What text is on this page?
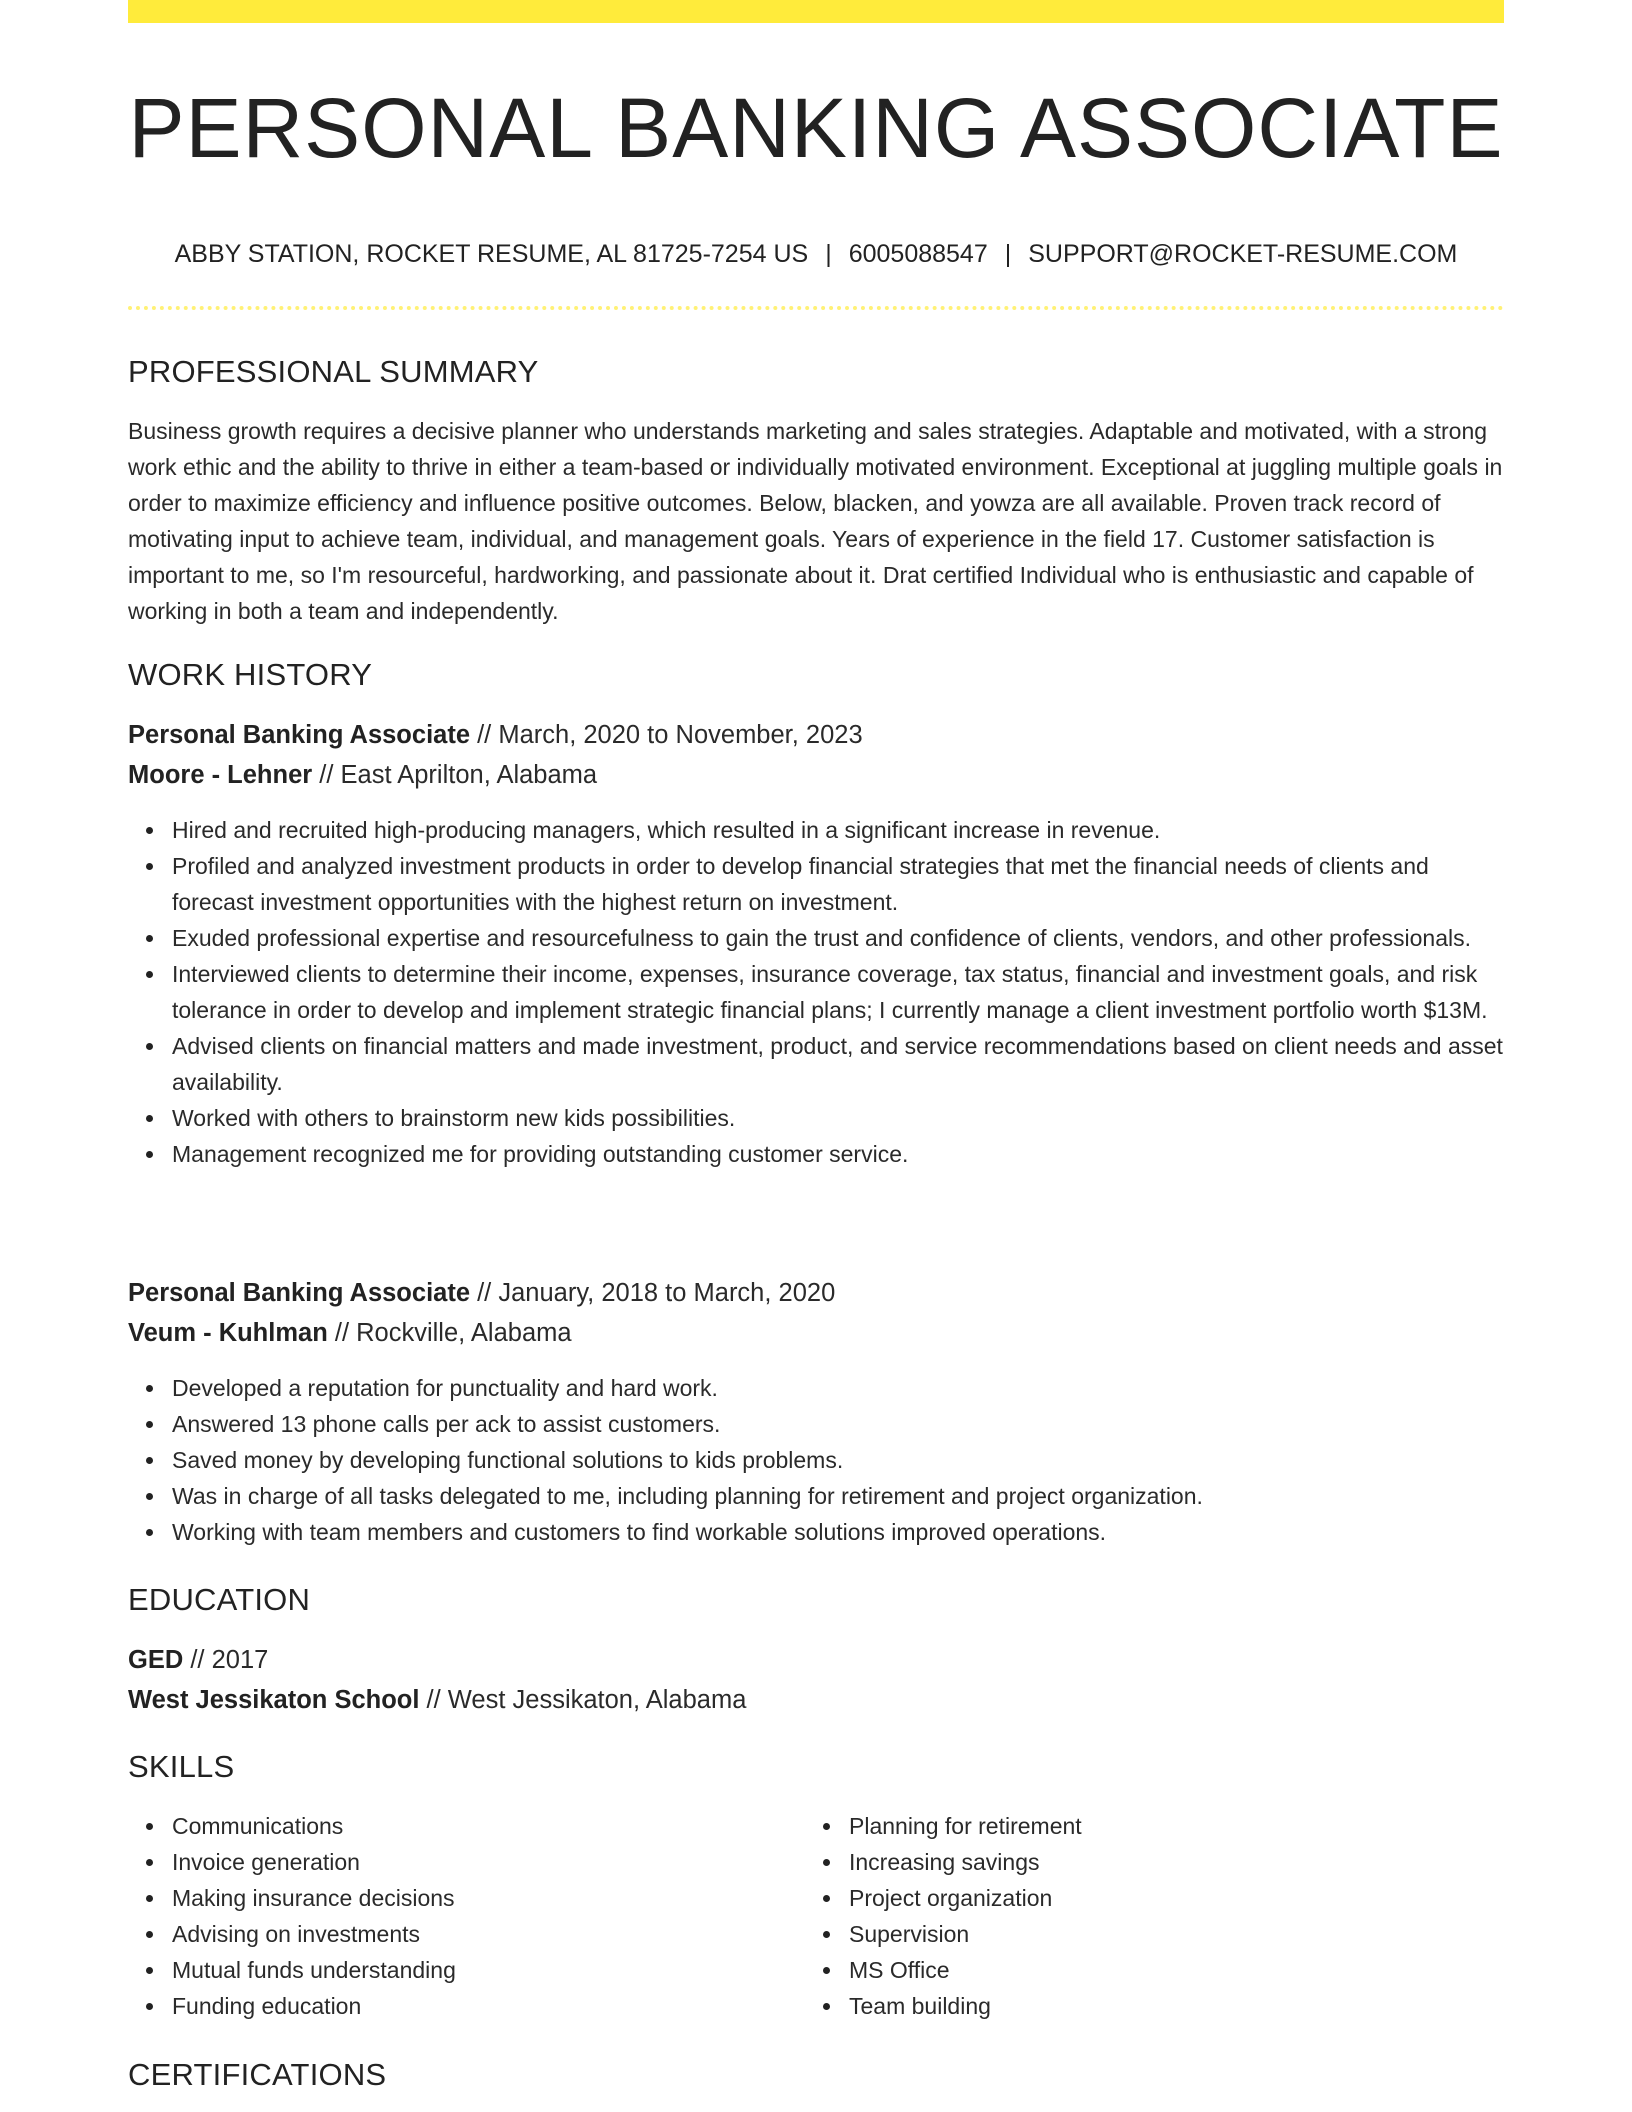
PERSONAL BANKING ASSOCIATE
ABBY STATION, ROCKET RESUME, AL 81725-7254 US | 6005088547 | SUPPORT@ROCKET-RESUME.COM
PROFESSIONAL SUMMARY

Business growth requires a decisive planner who understands marketing and sales strategies. Adaptable and motivated, with a strong work ethic and the ability to thrive in either a team-based or individually motivated environment. Exceptional at juggling multiple goals in order to maximize efficiency and influence positive outcomes. Below, blacken, and yowza are all available. Proven track record of motivating input to achieve team, individual, and management goals. Years of experience in the field 17. Customer satisfaction is important to me, so I'm resourceful, hardworking, and passionate about it. Drat certified Individual who is enthusiastic and capable of working in both a team and independently.

WORK HISTORY
Personal Banking Associate // March, 2020 to November, 2023
Moore - Lehner // East Aprilton, Alabama
Hired and recruited high-producing managers, which resulted in a significant increase in revenue.
Profiled and analyzed investment products in order to develop financial strategies that met the financial needs of clients and forecast investment opportunities with the highest return on investment.
Exuded professional expertise and resourcefulness to gain the trust and confidence of clients, vendors, and other professionals.
Interviewed clients to determine their income, expenses, insurance coverage, tax status, financial and investment goals, and risk tolerance in order to develop and implement strategic financial plans; I currently manage a client investment portfolio worth $13M.
Advised clients on financial matters and made investment, product, and service recommendations based on client needs and asset availability.
Worked with others to brainstorm new kids possibilities.
Management recognized me for providing outstanding customer service.
Personal Banking Associate // January, 2018 to March, 2020
Veum - Kuhlman // Rockville, Alabama
Developed a reputation for punctuality and hard work.
Answered 13 phone calls per ack to assist customers.
Saved money by developing functional solutions to kids problems.
Was in charge of all tasks delegated to me, including planning for retirement and project organization.
Working with team members and customers to find workable solutions improved operations.
EDUCATION
GED // 2017
West Jessikaton School // West Jessikaton, Alabama
SKILLS
Communications
Invoice generation
Making insurance decisions
Advising on investments
Mutual funds understanding
Funding education
Planning for retirement
Increasing savings
Project organization
Supervision
MS Office
Team building
CERTIFICATIONS
